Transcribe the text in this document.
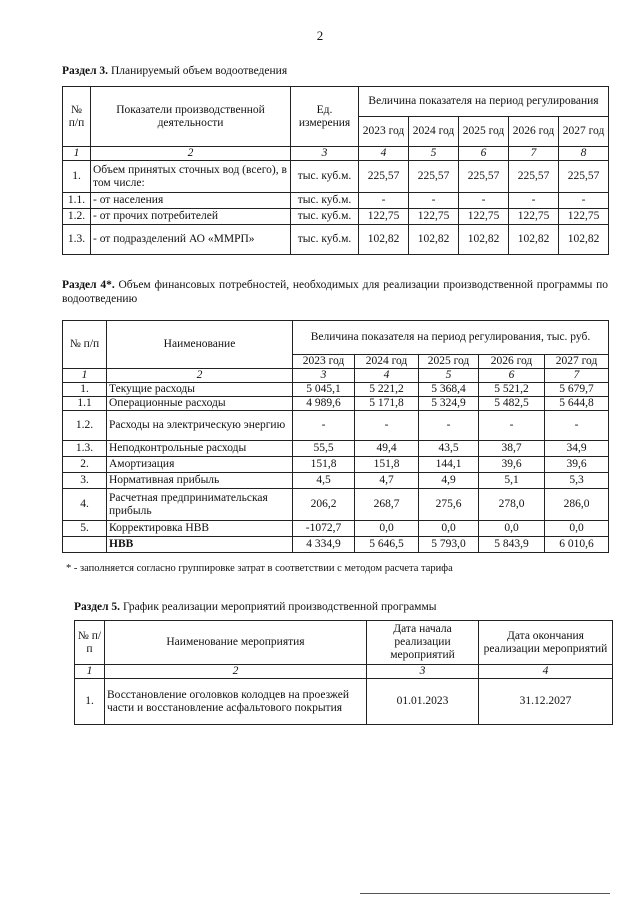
2
Раздел 3. Планируемый объем водоотведения
№ п/п	Показатели производственной деятельности	Ед. измерения	Величина показателя на период регулирования				
			2023 год	2024 год	2025 год	2026 год	2027 год
1	2	3	4	5	6	7	8
1.	Объем принятых сточных вод (всего), в том числе:	тыс. куб.м.	225,57	225,57	225,57	225,57	225,57
1.1.	- от населения	тыс. куб.м.	-	-	-	-	-
1.2.	- от прочих потребителей	тыс. куб.м.	122,75	122,75	122,75	122,75	122,75
1.3.	- от подразделений АО «ММРП»	тыс. куб.м.	102,82	102,82	102,82	102,82	102,82
Раздел 4*. Объем финансовых потребностей, необходимых для реализации производственной программы по водоотведению
№ п/п	Наименование	Величина показателя на период регулирования, тыс. руб.				
		2023 год	2024 год	2025 год	2026 год	2027 год
1	2	3	4	5	6	7
1.	Текущие расходы	5 045,1	5 221,2	5 368,4	5 521,2	5 679,7
1.1	Операционные расходы	4 989,6	5 171,8	5 324,9	5 482,5	5 644,8
1.2.	Расходы на электрическую энергию	-	-	-	-	-
1.3.	Неподконтрольные расходы	55,5	49,4	43,5	38,7	34,9
2.	Амортизация	151,8	151,8	144,1	39,6	39,6
3.	Нормативная прибыль	4,5	4,7	4,9	5,1	5,3
4.	Расчетная предпринимательская прибыль	206,2	268,7	275,6	278,0	286,0
5.	Корректировка НВВ	-1072,7	0,0	0,0	0,0	0,0
	НВВ	4 334,9	5 646,5	5 793,0	5 843,9	6 010,6
* - заполняется согласно группировке затрат в соответствии с методом расчета тарифа
Раздел 5. График реализации мероприятий производственной программы
№ п/п	Наименование мероприятия	Дата начала реализации мероприятий	Дата окончания реализации мероприятий
1	2	3	4
1.	Восстановление оголовков колодцев на проезжей части и восстановление асфальтового покрытия	01.01.2023	31.12.2027
